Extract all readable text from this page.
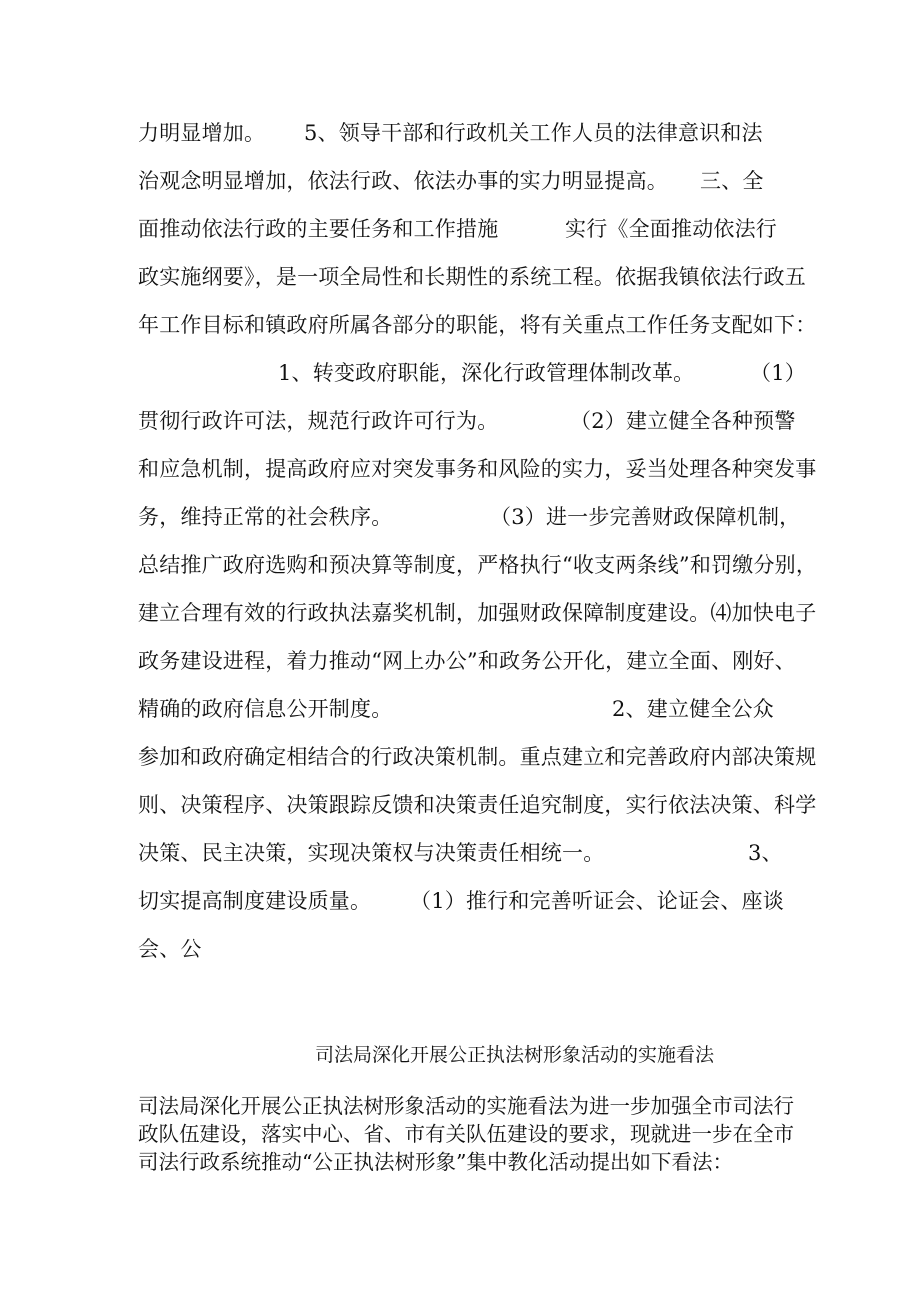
力明显增加。

5、领导干部和行政机关工作人员的法律意识和法

治观念明显增加，依法行政、依法办事的实力明显提高。

三、全

面推动依法行政的主要任务和工作措施

	实行《全面推动依法行

政实施纲要》，是一项全局性和长期性的系统工程。依据我镇依法行政五

年工作目标和镇政府所属各部分的职能，将有关重点工作任务支配如下：

1、转变政府职能，深化行政管理体制改革。

	（1）

贯彻行政许可法，规范行政许可行为。

	（2）建立健全各种预警

和应急机制，提高政府应对突发事务和风险的实力，妥当处理各种突发事

务，维持正常的社会秩序。

	（3）进一步完善财政保障机制，

总结推广政府选购和预决算等制度，严格执行“收支两条线”和罚缴分别，

建立合理有效的行政执法嘉奖机制，加强财政保障制度建设。⑷加快电子

政务建设进程，着力推动“网上办公”和政务公开化，建立全面、刚好、

精确的政府信息公开制度。

	2、建立健全公众

参加和政府确定相结合的行政决策机制。重点建立和完善政府内部决策规

则、决策程序、决策跟踪反馈和决策责任追究制度，实行依法决策、科学

决策、民主决策，实现决策权与决策责任相统一。

	3、

切实提高制度建设质量。

（1）推行和完善听证会、论证会、座谈

会、公

司法局深化开展公正执法树形象活动的实施看法
司法局深化开展公正执法树形象活动的实施看法为进一步加强全市司法行
政队伍建设，落实中心、省、市有关队伍建设的要求，现就进一步在全市
司法行政系统推动“公正执法树形象”集中教化活动提出如下看法：
